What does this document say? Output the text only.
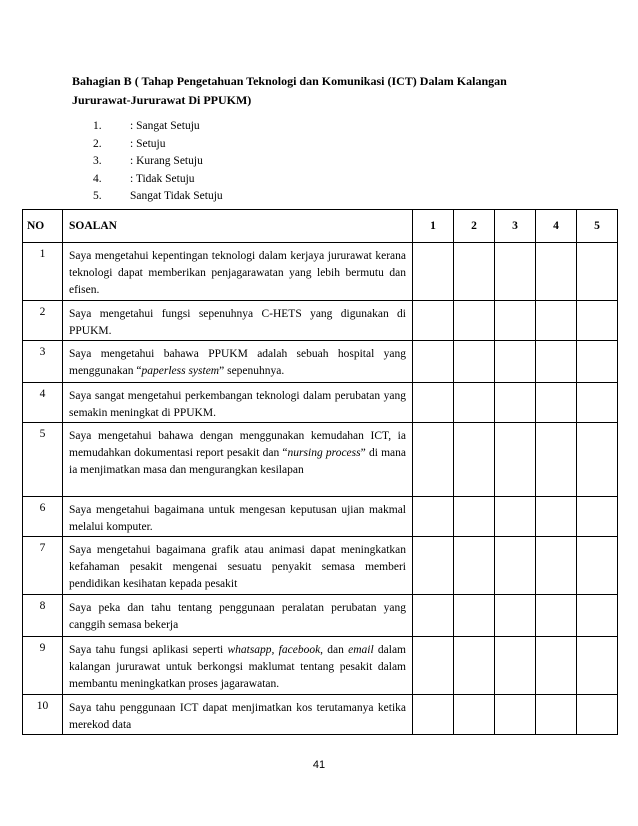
Bahagian B ( Tahap Pengetahuan Teknologi dan Komunikasi (ICT) Dalam Kalangan
Jururawat-Jururawat Di PPUKM)
1.	: Sangat Setuju
2.	: Setuju
3.	: Kurang Setuju
4.	: Tidak Setuju
5.	Sangat Tidak Setuju
NO	SOALAN	1	2	3	4	5
1	Saya mengetahui kepentingan teknologi dalam kerjaya jururawat kerana teknologi dapat memberikan penjagarawatan yang lebih bermutu dan efisen.					
2	Saya mengetahui fungsi sepenuhnya C-HETS yang digunakan di PPUKM.					
3	Saya mengetahui bahawa PPUKM adalah sebuah hospital yang menggunakan “paperless system” sepenuhnya.					
4	Saya sangat mengetahui perkembangan teknologi dalam perubatan yang semakin meningkat di PPUKM.					
5	Saya mengetahui bahawa dengan menggunakan kemudahan ICT, ia memudahkan dokumentasi report pesakit dan “nursing process” di mana ia menjimatkan masa dan mengurangkan kesilapan					
6	Saya mengetahui bagaimana untuk mengesan keputusan ujian makmal melalui komputer.					
7	Saya mengetahui bagaimana grafik atau animasi dapat meningkatkan kefahaman pesakit mengenai sesuatu penyakit semasa memberi pendidikan kesihatan kepada pesakit					
8	Saya peka dan tahu tentang penggunaan peralatan perubatan yang canggih semasa bekerja					
9	Saya tahu fungsi aplikasi seperti whatsapp, facebook, dan email dalam kalangan jururawat untuk berkongsi maklumat tentang pesakit dalam membantu meningkatkan proses jagarawatan.					
10	Saya tahu penggunaan ICT dapat menjimatkan kos terutamanya ketika merekod data					
41
